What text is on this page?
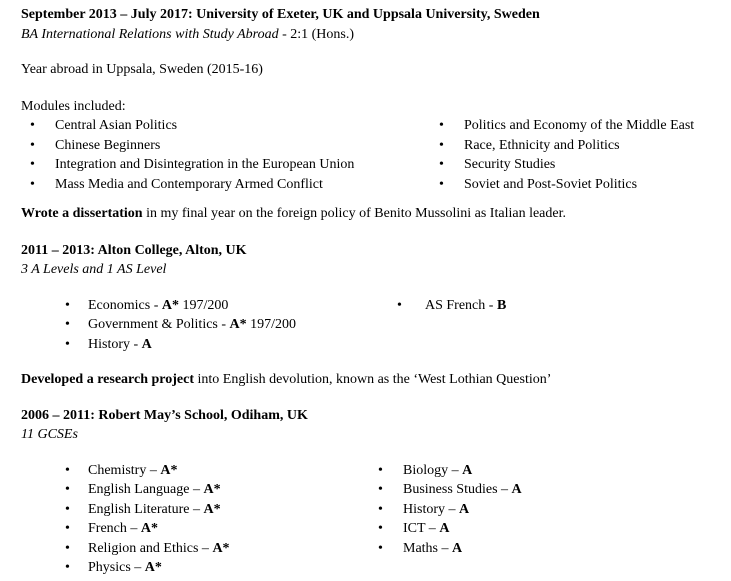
September 2013 – July 2017: University of Exeter, UK and Uppsala University, Sweden

BA International Relations with Study Abroad - 2:1 (Hons.)

Year abroad in Uppsala, Sweden (2015-16)

Modules included:

•
Central Asian Politics
•
Chinese Beginners
•
Integration and Disintegration in the European Union
•
Mass Media and Contemporary Armed Conflict
•
Politics and Economy of the Middle East
•
Race, Ethnicity and Politics
•
Security Studies
•
Soviet and Post-Soviet Politics

Wrote a dissertation in my final year on the foreign policy of Benito Mussolini as Italian leader.

2011 – 2013: Alton College, Alton, UK

3 A Levels and 1 AS Level

•
Economics - A* 197/200
•
Government & Politics - A* 197/200
•
History - A
•
AS French - B

Developed a research project into English devolution, known as the ‘West Lothian Question’

2006 – 2011: Robert May’s School, Odiham, UK

11 GCSEs

•
Chemistry – A*
•
English Language – A*
•
English Literature – A*
•
French – A*
•
Religion and Ethics – A*
•
Physics – A*
•
Biology – A
•
Business Studies – A
•
History – A
•
ICT – A
•
Maths – A
